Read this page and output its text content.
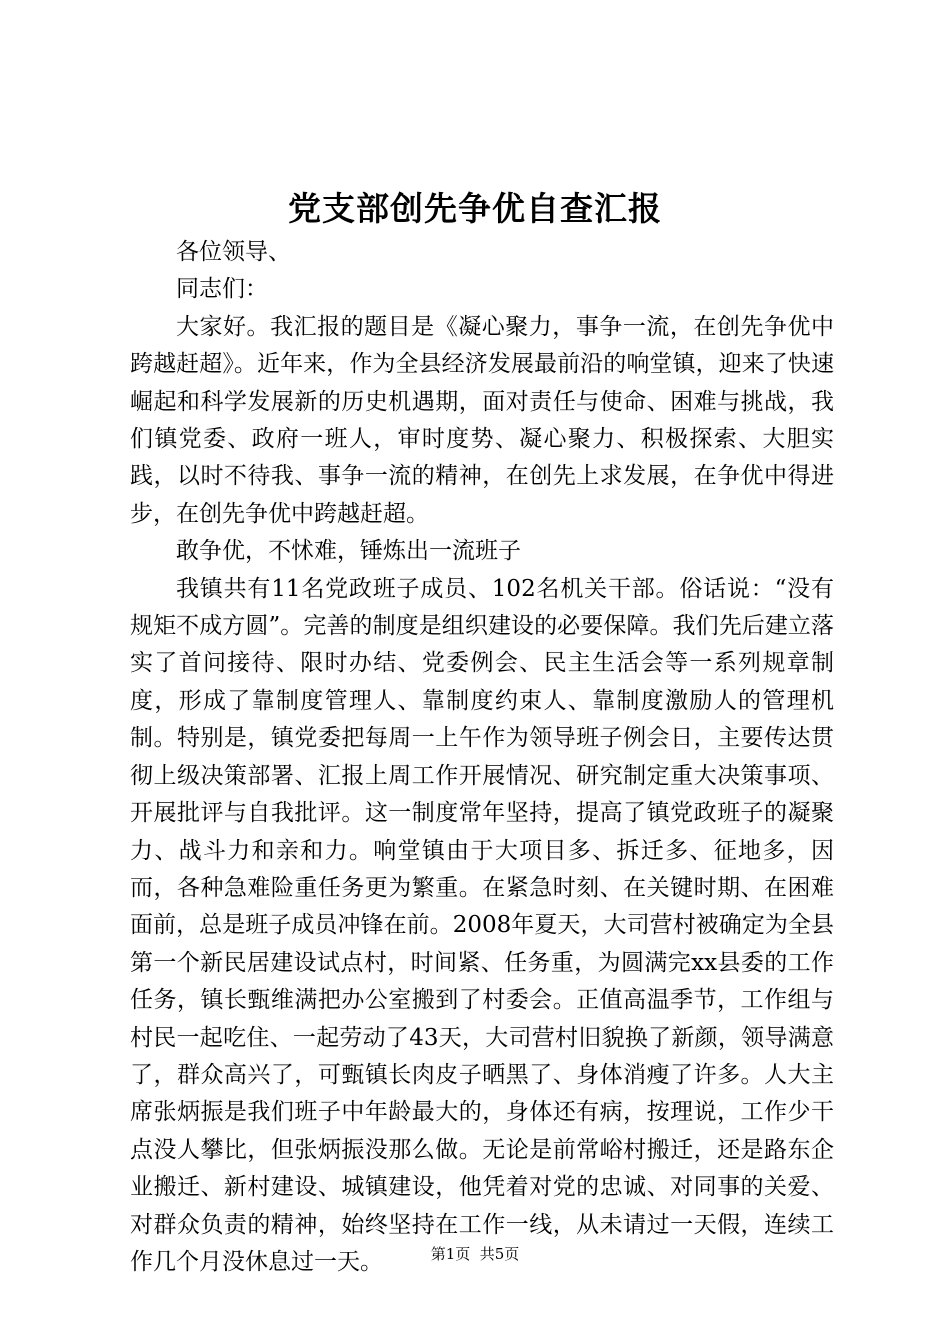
党支部创先争优自查汇报

各位领导、

同志们：

大家好。我汇报的题目是《凝心聚力，事争一流，在创先争优中跨越赶超》。近年来，作为全县经济发展最前沿的响堂镇，迎来了快速崛起和科学发展新的历史机遇期，面对责任与使命、困难与挑战，我们镇党委、政府一班人，审时度势、凝心聚力、积极探索、大胆实践，以时不待我、事争一流的精神，在创先上求发展，在争优中得进步，在创先争优中跨越赶超。

敢争优，不怵难，锤炼出一流班子

我镇共有11名党政班子成员、102名机关干部。俗话说：“没有规矩不成方圆”。完善的制度是组织建设的必要保障。我们先后建立落实了首问接待、限时办结、党委例会、民主生活会等一系列规章制度，形成了靠制度管理人、靠制度约束人、靠制度激励人的管理机制。特别是，镇党委把每周一上午作为领导班子例会日，主要传达贯彻上级决策部署、汇报上周工作开展情况、研究制定重大决策事项、开展批评与自我批评。这一制度常年坚持，提高了镇党政班子的凝聚力、战斗力和亲和力。响堂镇由于大项目多、拆迁多、征地多，因而，各种急难险重任务更为繁重。在紧急时刻、在关键时期、在困难面前，总是班子成员冲锋在前。2008年夏天，大司营村被确定为全县第一个新民居建设试点村，时间紧、任务重，为圆满完xx县委的工作任务，镇长甄维满把办公室搬到了村委会。正值高温季节，工作组与村民一起吃住、一起劳动了43天，大司营村旧貌换了新颜，领导满意了，群众高兴了，可甄镇长肉皮子晒黑了、身体消瘦了许多。人大主席张炳振是我们班子中年龄最大的，身体还有病，按理说，工作少干点没人攀比，但张炳振没那么做。无论是前常峪村搬迁，还是路东企业搬迁、新村建设、城镇建设，他凭着对党的忠诚、对同事的关爱、对群众负责的精神，始终坚持在工作一线，从未请过一天假，连续工作几个月没休息过一天。	第1页  共5页
